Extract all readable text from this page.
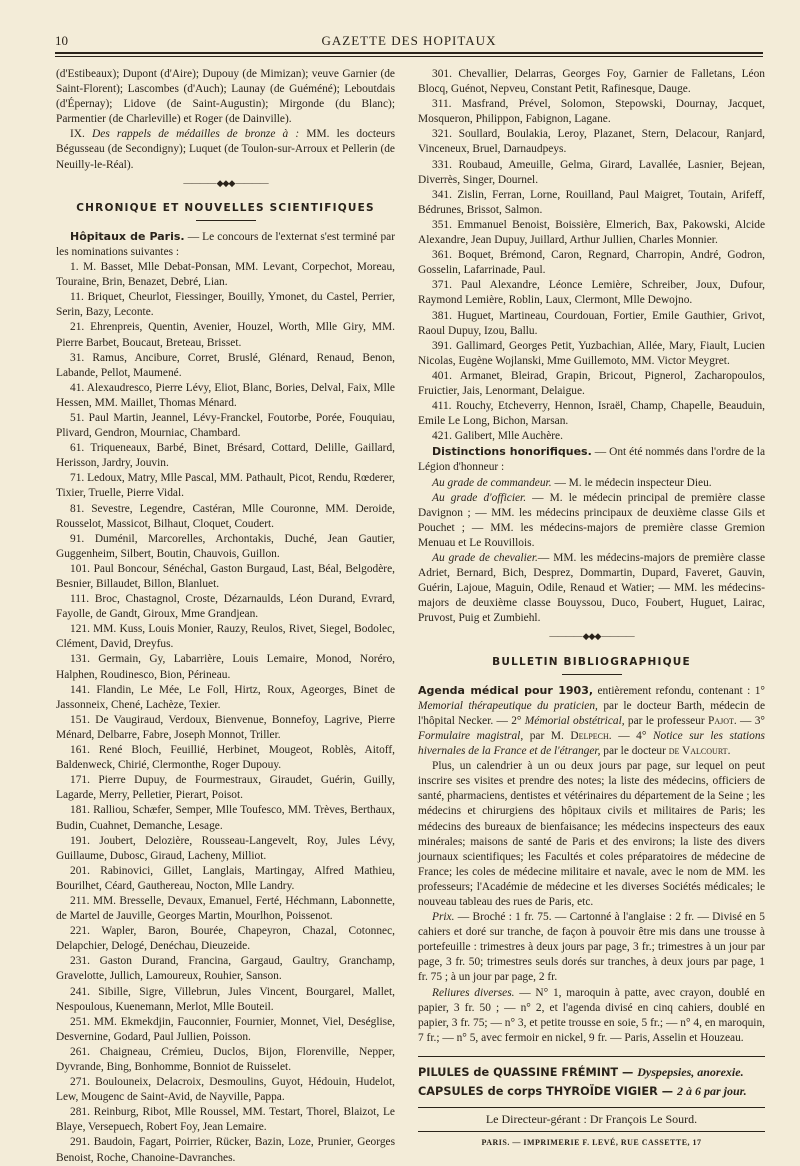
10	GAZETTE DES HOPITAUX

(d'Estibeaux); Dupont (d'Aire); Dupouy (de Mimizan); veuve Garnier (de Saint-Florent); Lascombes (d'Auch); Launay (de Guéméné); Leboutdais (d'Épernay); Lidove (de Saint-Augustin); Mirgonde (du Blanc); Parmentier (de Charleville) et Roger (de Dainville).

IX. Des rappels de médailles de bronze à : MM. les docteurs Bégusseau (de Secondigny); Luquet (de Toulon-sur-Arroux et Pellerin (de Neuilly-le-Réal).

———— ◆◆◆ ————
CHRONIQUE ET NOUVELLES SCIENTIFIQUES

Hôpitaux de Paris. — Le concours de l'externat s'est terminé par les nominations suivantes :

1. M. Basset, Mlle Debat-Ponsan, MM. Levant, Corpechot, Moreau, Touraine, Brin, Benazet, Debré, Lian.

11. Briquet, Cheurlot, Fiessinger, Bouilly, Ymonet, du Castel, Perrier, Serin, Bazy, Leconte.

21. Ehrenpreis, Quentin, Avenier, Houzel, Worth, Mlle Giry, MM. Pierre Barbet, Boucaut, Breteau, Brisset.

31. Ramus, Ancibure, Corret, Bruslé, Glénard, Renaud, Benon, Labande, Pellot, Maumené.

41. Alexaudresco, Pierre Lévy, Eliot, Blanc, Bories, Delval, Faix, Mlle Hessen, MM. Maillet, Thomas Ménard.

51. Paul Martin, Jeannel, Lévy-Franckel, Foutorbe, Porée, Fouquiau, Plivard, Gendron, Mourniac, Chambard.

61. Triqueneaux, Barbé, Binet, Brésard, Cottard, Delille, Gaillard, Herisson, Jardry, Jouvin.

71. Ledoux, Matry, Mlle Pascal, MM. Pathault, Picot, Rendu, Rœderer, Tixier, Truelle, Pierre Vidal.

81. Sevestre, Legendre, Castéran, Mlle Couronne, MM. Deroide, Rousselot, Massicot, Bilhaut, Cloquet, Coudert.

91. Duménil, Marcorelles, Archontakis, Duché, Jean Gautier, Guggenheim, Silbert, Boutin, Chauvois, Guillon.

101. Paul Boncour, Sénéchal, Gaston Burgaud, Last, Béal, Belgodère, Besnier, Billaudet, Billon, Blanluet.

111. Broc, Chastagnol, Croste, Dézarnaulds, Léon Durand, Evrard, Fayolle, de Gandt, Giroux, Mme Grandjean.

121. MM. Kuss, Louis Monier, Rauzy, Reulos, Rivet, Siegel, Bodolec, Clément, David, Dreyfus.

131. Germain, Gy, Labarrière, Louis Lemaire, Monod, Noréro, Halphen, Roudinesco, Bion, Périneau.

141. Flandin, Le Mée, Le Foll, Hirtz, Roux, Ageorges, Binet de Jassonneix, Chené, Lachèze, Texier.

151. De Vaugiraud, Verdoux, Bienvenue, Bonnefoy, Lagrive, Pierre Ménard, Delbarre, Fabre, Joseph Monnot, Triller.

161. René Bloch, Feuillié, Herbinet, Mougeot, Roblès, Aitoff, Baldenweck, Chirié, Clermonthe, Roger Dupouy.

171. Pierre Dupuy, de Fourmestraux, Giraudet, Guérin, Guilly, Lagarde, Merry, Pelletier, Pierart, Poisot.

181. Ralliou, Schæfer, Semper, Mlle Toufesco, MM. Trèves, Berthaux, Budin, Cuahnet, Demanche, Lesage.

191. Joubert, Delozière, Rousseau-Langevelt, Roy, Jules Lévy, Guillaume, Dubosc, Giraud, Lacheny, Milliot.

201. Rabinovici, Gillet, Langlais, Martingay, Alfred Mathieu, Bourilhet, Céard, Gauthereau, Nocton, Mlle Landry.

211. MM. Bresselle, Devaux, Emanuel, Ferté, Héchmann, Labonnette, de Martel de Jauville, Georges Martin, Mourlhon, Poissenot.

221. Wapler, Baron, Bourée, Chapeyron, Chazal, Cotonnec, Delapchier, Delogé, Denéchau, Dieuzeide.

231. Gaston Durand, Francina, Gargaud, Gaultry, Granchamp, Gravelotte, Jullich, Lamoureux, Rouhier, Sanson.

241. Sibille, Sigre, Villebrun, Jules Vincent, Bourgarel, Mallet, Nespoulous, Kuenemann, Merlot, Mlle Bouteil.

251. MM. Ekmekdjin, Fauconnier, Fournier, Monnet, Viel, Deséglise, Desvernine, Godard, Paul Jullien, Poisson.

261. Chaigneau, Crémieu, Duclos, Bijon, Florenville, Nepper, Dyvrande, Bing, Bonhomme, Bonniot de Ruisselet.

271. Boulouneix, Delacroix, Desmoulins, Guyot, Hédouin, Hudelot, Lew, Mougenc de Saint-Avid, de Nayville, Pappa.

281. Reinburg, Ribot, Mlle Roussel, MM. Testart, Thorel, Blaizot, Le Blaye, Versepuech, Robert Foy, Jean Lemaire.

291. Baudoin, Fagart, Poirrier, Rücker, Bazin, Loze, Prunier, Georges Benoist, Roche, Chanoine-Davranches.

301. Chevallier, Delarras, Georges Foy, Garnier de Falletans, Léon Blocq, Guénot, Nepveu, Constant Petit, Rafinesque, Dauge.

311. Masfrand, Prével, Solomon, Stepowski, Dournay, Jacquet, Mosqueron, Philippon, Fabignon, Lagane.

321. Soullard, Boulakia, Leroy, Plazanet, Stern, Delacour, Ranjard, Vinceneux, Bruel, Darnaudpeys.

331. Roubaud, Ameuille, Gelma, Girard, Lavallée, Lasnier, Bejean, Diverrès, Singer, Dournel.

341. Zislin, Ferran, Lorne, Rouilland, Paul Maigret, Toutain, Arifeff, Bédrunes, Brissot, Salmon.

351. Emmanuel Benoist, Boissière, Elmerich, Bax, Pakowski, Alcide Alexandre, Jean Dupuy, Juillard, Arthur Jullien, Charles Monnier.

361. Boquet, Brémond, Caron, Regnard, Charropin, André, Godron, Gosselin, Lafarrinade, Paul.

371. Paul Alexandre, Léonce Lemière, Schreiber, Joux, Dufour, Raymond Lemière, Roblin, Laux, Clermont, Mlle Dewojno.

381. Huguet, Martineau, Courdouan, Fortier, Emile Gauthier, Grivot, Raoul Dupuy, Izou, Ballu.

391. Gallimard, Georges Petit, Yuzbachian, Allée, Mary, Fiault, Lucien Nicolas, Eugène Wojlanski, Mme Guillemoto, MM. Victor Meygret.

401. Armanet, Bleirad, Grapin, Bricout, Pignerol, Zacharopoulos, Fruictier, Jais, Lenormant, Delaigue.

411. Rouchy, Etcheverry, Hennon, Israël, Champ, Chapelle, Beauduin, Emile Le Long, Bichon, Marsan.

421. Galibert, Mlle Auchère.

Distinctions honorifiques. — Ont été nommés dans l'ordre de la Légion d'honneur :

Au grade de commandeur. — M. le médecin inspecteur Dieu.

Au grade d'officier. — M. le médecin principal de première classe Davignon ; — MM. les médecins principaux de deuxième classe Gils et Pouchet ; — MM. les médecins-majors de première classe Gremion Menuau et Le Rouvillois.

Au grade de chevalier.— MM. les médecins-majors de première classe Adriet, Bernard, Bich, Desprez, Dommartin, Dupard, Faveret, Gauvin, Guérin, Lajoue, Maguin, Odile, Renaud et Watier; — MM. les médecins-majors de deuxième classe Bouyssou, Duco, Foubert, Huguet, Lairac, Pruvost, Puig et Zumbiehl.

———— ◆◆◆ ————
BULLETIN BIBLIOGRAPHIQUE

Agenda médical pour 1903, entièrement refondu, contenant : 1° Memorial thérapeutique du praticien, par le docteur Barth, médecin de l'hôpital Necker. — 2° Mémorial obstétrical, par le professeur Pajot. — 3° Formulaire magistral, par M. Delpech. — 4° Notice sur les stations hivernales de la France et de l'étranger, par le docteur de Valcourt.

Plus, un calendrier à un ou deux jours par page, sur lequel on peut inscrire ses visites et prendre des notes; la liste des médecins, officiers de santé, pharmaciens, dentistes et vétérinaires du département de la Seine ; les médecins et chirurgiens des hôpitaux civils et militaires de Paris; les médecins des bureaux de bienfaisance; les médecins inspecteurs des eaux minérales; maisons de santé de Paris et des environs; la liste des divers journaux scientifiques; les Facultés et coles préparatoires de médecine de France; les coles de médecine militaire et navale, avec le nom de MM. les professeurs; l'Académie de médecine et les diverses Sociétés médicales; le nouveau tableau des rues de Paris, etc.

Prix. — Broché : 1 fr. 75. — Cartonné à l'anglaise : 2 fr. — Divisé en 5 cahiers et doré sur tranche, de façon à pouvoir être mis dans une trousse à portefeuille : trimestres à deux jours par page, 3 fr.; trimestres à un jour par page, 3 fr. 50; trimestres seuls dorés sur tranches, à deux jours par page, 1 fr. 75 ; à un jour par page, 2 fr.

Reliures diverses. — N° 1, maroquin à patte, avec crayon, doublé en papier, 3 fr. 50 ; — n° 2, et l'agenda divisé en cinq cahiers, doublé en papier, 3 fr. 75; — n° 3, et petite trousse en soie, 5 fr.; — n° 4, en maroquin, 7 fr.; — n° 5, avec fermoir en nickel, 9 fr. — Paris, Asselin et Houzeau.

PILULES de QUASSINE FRÉMINT — Dyspepsies, anorexie.

CAPSULES de corps THYROÏDE VIGIER — 2 à 6 par jour.

Le Directeur-gérant : Dr François Le Sourd.
PARIS. — IMPRIMERIE F. LEVÉ, RUE CASSETTE, 17
